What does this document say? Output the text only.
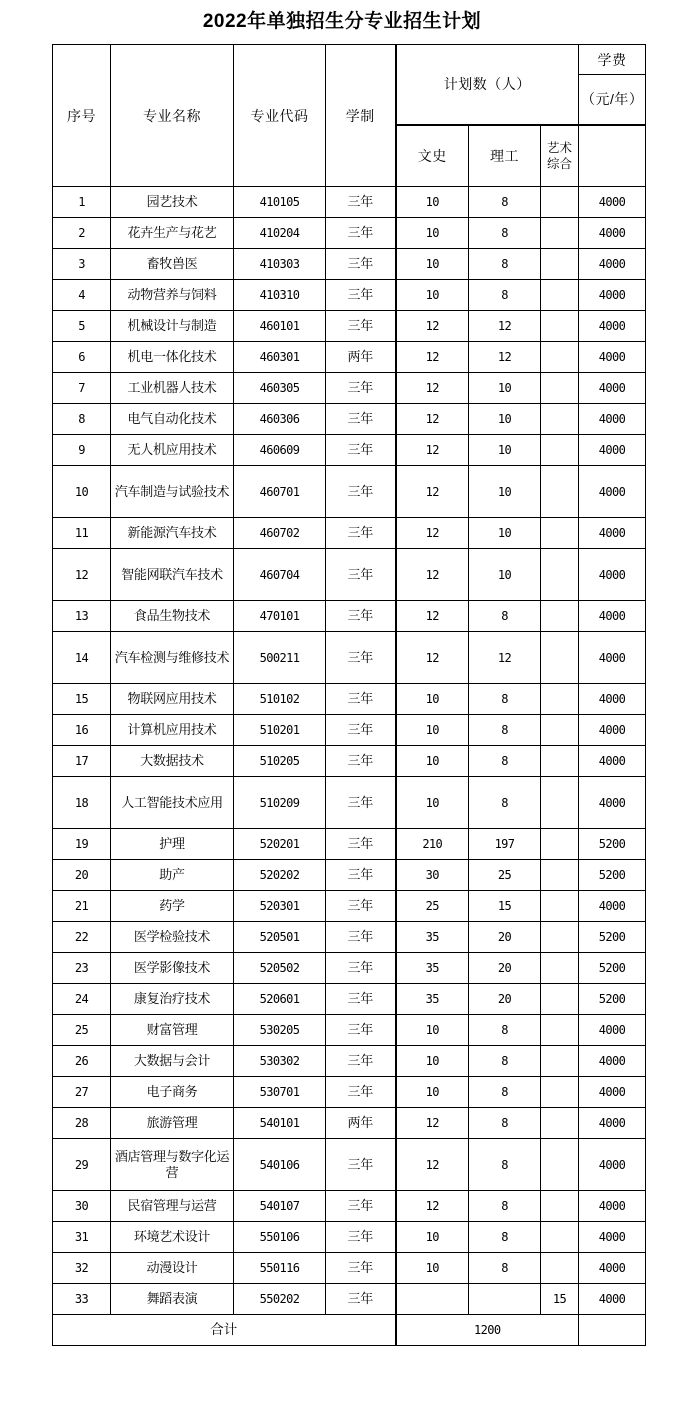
2022年单独招生分专业招生计划
序号	专业名称	专业代码	学制	计划数（人）			学费
							（元/年）
				文史	理工	艺术综合	
1	园艺技术	410105	三年	10	8		4000
2	花卉生产与花艺	410204	三年	10	8		4000
3	畜牧兽医	410303	三年	10	8		4000
4	动物营养与饲料	410310	三年	10	8		4000
5	机械设计与制造	460101	三年	12	12		4000
6	机电一体化技术	460301	两年	12	12		4000
7	工业机器人技术	460305	三年	12	10		4000
8	电气自动化技术	460306	三年	12	10		4000
9	无人机应用技术	460609	三年	12	10		4000
10	汽车制造与试验技术	460701	三年	12	10		4000
11	新能源汽车技术	460702	三年	12	10		4000
12	智能网联汽车技术	460704	三年	12	10		4000
13	食品生物技术	470101	三年	12	8		4000
14	汽车检测与维修技术	500211	三年	12	12		4000
15	物联网应用技术	510102	三年	10	8		4000
16	计算机应用技术	510201	三年	10	8		4000
17	大数据技术	510205	三年	10	8		4000
18	人工智能技术应用	510209	三年	10	8		4000
19	护理	520201	三年	210	197		5200
20	助产	520202	三年	30	25		5200
21	药学	520301	三年	25	15		4000
22	医学检验技术	520501	三年	35	20		5200
23	医学影像技术	520502	三年	35	20		5200
24	康复治疗技术	520601	三年	35	20		5200
25	财富管理	530205	三年	10	8		4000
26	大数据与会计	530302	三年	10	8		4000
27	电子商务	530701	三年	10	8		4000
28	旅游管理	540101	两年	12	8		4000
29	酒店管理与数字化运营	540106	三年	12	8		4000
30	民宿管理与运营	540107	三年	12	8		4000
31	环境艺术设计	550106	三年	10	8		4000
32	动漫设计	550116	三年	10	8		4000
33	舞蹈表演	550202	三年			15	4000
合计				1200			
